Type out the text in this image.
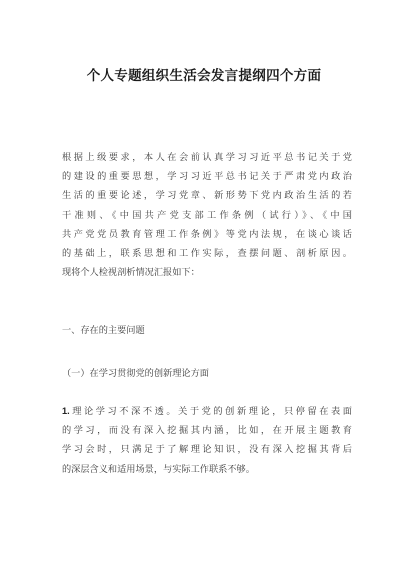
个人专题组织生活会发言提纲四个方面
根据上级要求，本人在会前认真学习习近平总书记关于党
的建设的重要思想，学习习近平总书记关于严肃党内政治
生活的重要论述，学习党章、新形势下党内政治生活的若
干准则、《中国共产党支部工作条例（试行）》、《中国
共产党党员教育管理工作条例》等党内法规，在谈心谈话
的基础上，联系思想和工作实际，查摆问题、剖析原因。
现将个人检视剖析情况汇报如下：
一、存在的主要问题
（一）在学习贯彻党的创新理论方面
1.理论学习不深不透。关于党的创新理论，只停留在表面
的学习，而没有深入挖掘其内涵，比如，在开展主题教育
学习会时，只满足于了解理论知识，没有深入挖掘其背后
的深层含义和适用场景，与实际工作联系不够。
